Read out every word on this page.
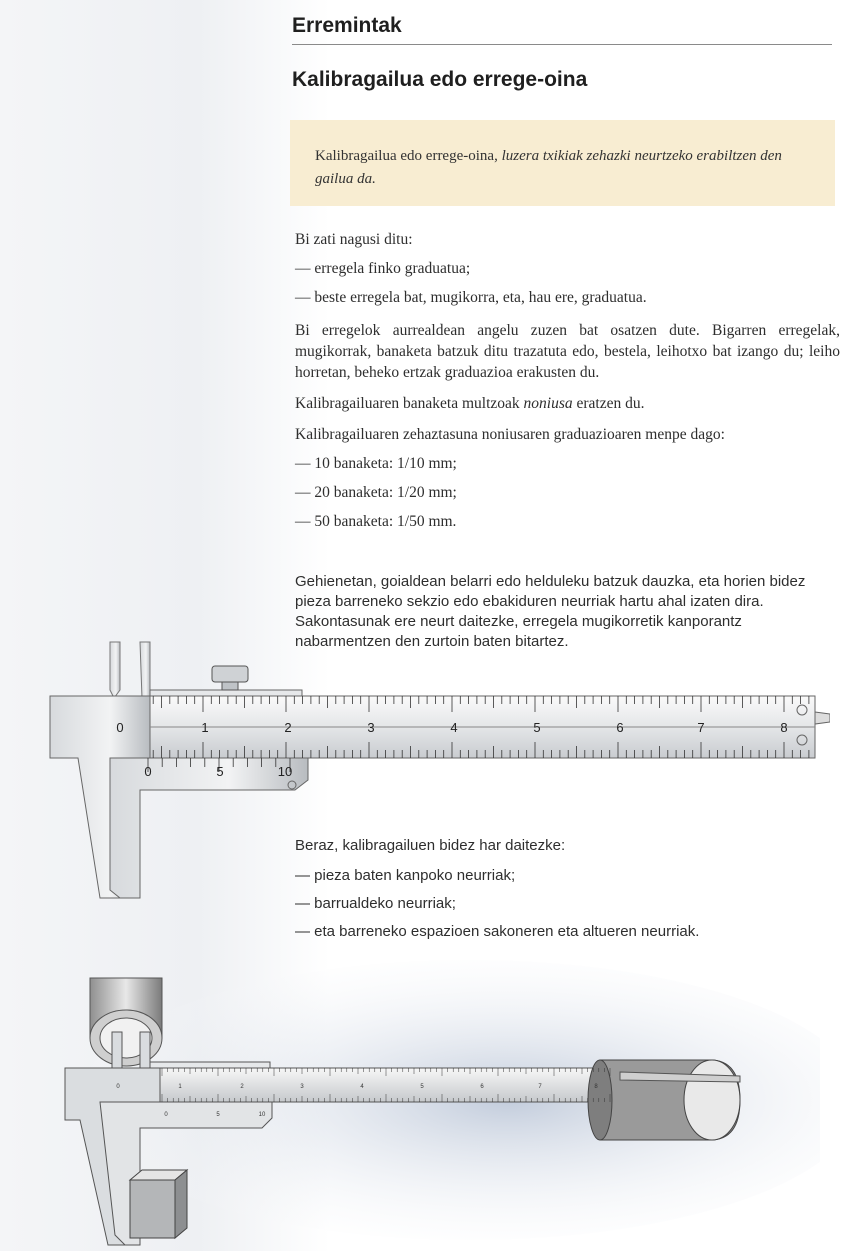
Erremintak
Kalibragailua edo errege-oina
Kalibragailua edo errege-oina, luzera txikiak zehazki neurtzeko erabiltzen den gailua da.

Bi zati nagusi ditu:

— erregela finko graduatua;

— beste erregela bat, mugikorra, eta, hau ere, graduatua.

Bi erregelok aurrealdean angelu zuzen bat osatzen dute. Bigarren erregelak, mugikorrak, banaketa batzuk ditu trazatuta edo, bestela, leihotxo bat izango du; leiho horretan, beheko ertzak graduazioa erakusten du.

Kalibragailuaren banaketa multzoak noniusa eratzen du.

Kalibragailuaren zehaztasuna noniusaren graduazioaren menpe dago:

— 10 banaketa: 1/10 mm;

— 20 banaketa: 1/20 mm;

— 50 banaketa: 1/50 mm.

Gehienetan, goialdean belarri edo helduleku batzuk dauzka, eta horien bidez pieza barreneko sekzio edo ebakiduren neurriak hartu ahal izaten dira. Sakontasunak ere neurt daitezke, erregela mugikorretik kanporantz nabarmentzen den zurtoin baten bitartez.
0	1	2	3	4	5	6	7	8
0	5	10

Beraz, kalibragailuen bidez har daitezke:

— pieza baten kanpoko neurriak;

— barrualdeko neurriak;

— eta barreneko espazioen sakoneren eta altueren neurriak.

0	1	2	3	4	5	6	7	8
0	5	10
